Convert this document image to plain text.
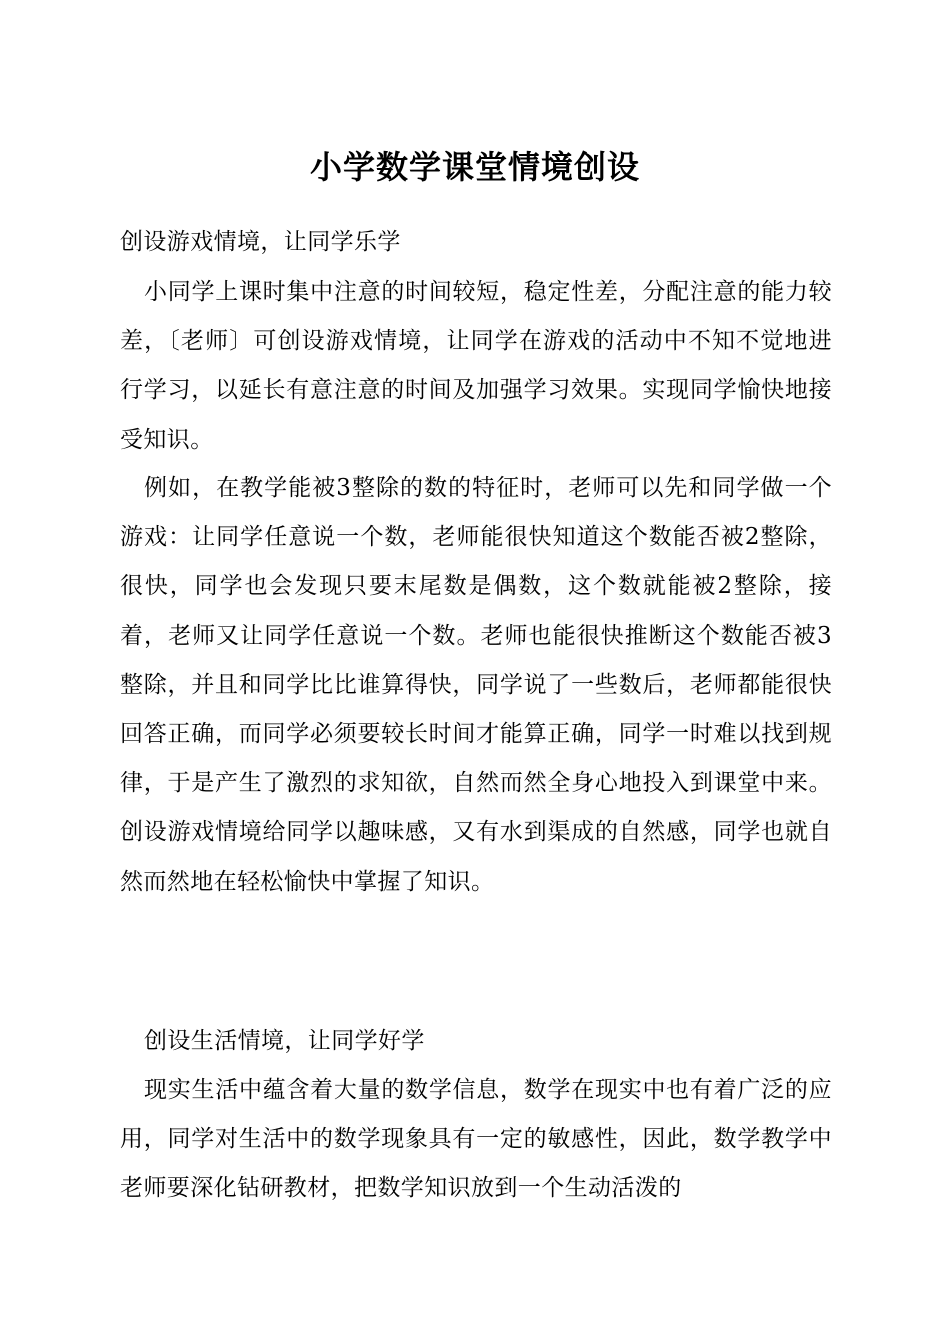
小学数学课堂情境创设

创设游戏情境，让同学乐学

小同学上课时集中注意的时间较短，稳定性差，分配注意的能力较差，〔老师〕可创设游戏情境，让同学在游戏的活动中不知不觉地进行学习，以延长有意注意的时间及加强学习效果。实现同学愉快地接受知识。

例如，在教学能被3整除的数的特征时，老师可以先和同学做一个游戏：让同学任意说一个数，老师能很快知道这个数能否被2整除，很快，同学也会发现只要末尾数是偶数，这个数就能被2整除，接着，老师又让同学任意说一个数。老师也能很快推断这个数能否被3整除，并且和同学比比谁算得快，同学说了一些数后，老师都能很快回答正确，而同学必须要较长时间才能算正确，同学一时难以找到规律，于是产生了激烈的求知欲，自然而然全身心地投入到课堂中来。 创设游戏情境给同学以趣味感，又有水到渠成的自然感，同学也就自然而然地在轻松愉快中掌握了知识。

创设生活情境，让同学好学

现实生活中蕴含着大量的数学信息，数学在现实中也有着广泛的应用，同学对生活中的数学现象具有一定的敏感性，因此，数学教学中老师要深化钻研教材，把数学知识放到一个生动活泼的
